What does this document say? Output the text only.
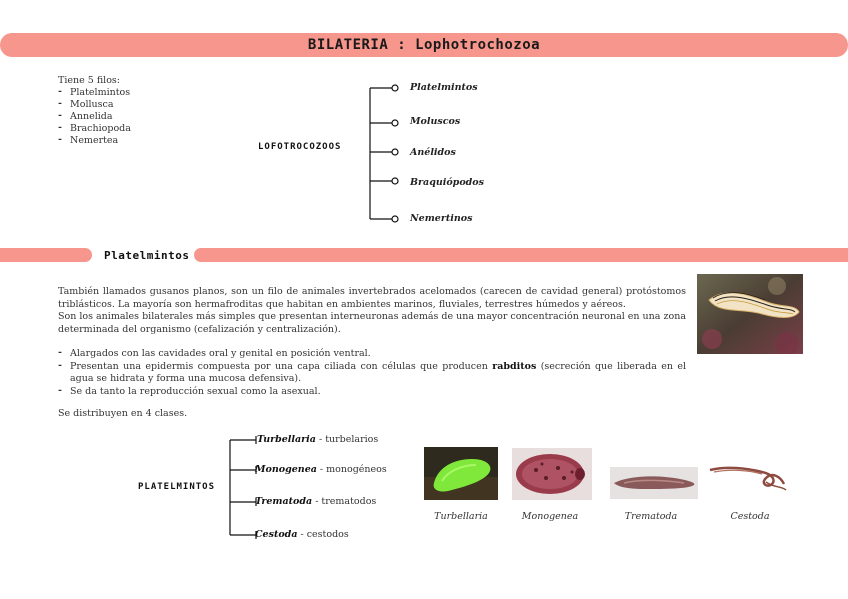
BILATERIA : Lophotrochozoa
Tiene 5 filos:
- Platelmintos
- Mollusca
- Annelida
- Brachiopoda
- Nemertea
LOFOTROCOZOOS
Platelmintos
Moluscos
Anélidos
Braquiópodos
Nemertinos
Platelmintos

También llamados gusanos planos, son un filo de animales invertebrados acelomados (carecen de cavidad general) protóstomos triblásticos. La mayoría son hermafroditas que habitan en ambientes marinos, fluviales, terrestres húmedos y aéreos.

Son los animales bilaterales más simples que presentan interneuronas además de una mayor concentración neuronal en una zona determinada del organismo (cefalización y centralización).

- Alargados con las cavidades oral y genital en posición ventral.
- Presentan una epidermis compuesta por una capa ciliada con células que producen rabditos (secreción que liberada en el agua se hidrata y forma una mucosa defensiva).
- Se da tanto la reproducción sexual como la asexual.
Se distribuyen en 4 clases.
PLATELMINTOS
Turbellaria - turbelarios
Monogenea - monogéneos
Trematoda - trematodos
Cestoda - cestodos
Turbellaria	Monogenea	Trematoda	Cestoda
